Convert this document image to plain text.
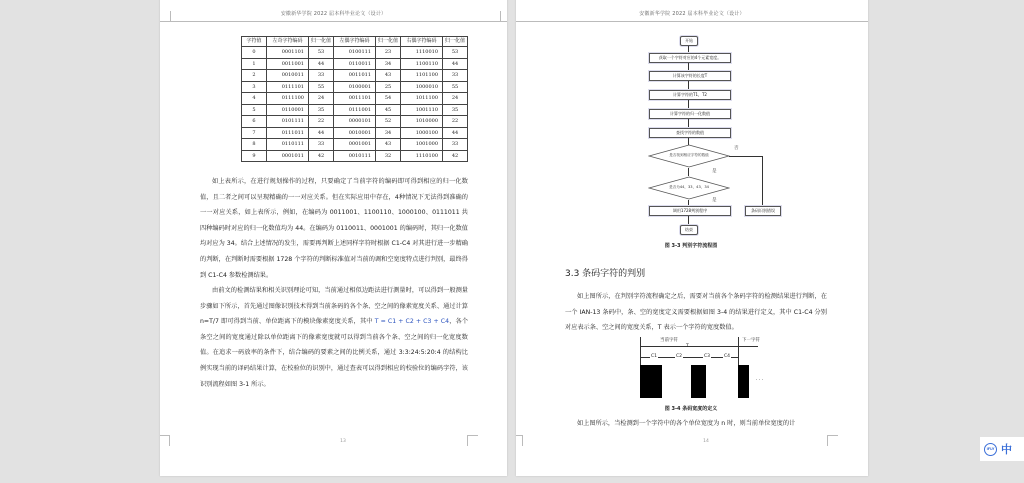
安徽新华学院 2022 届本科毕业论文（设计）
字符值	左奇字符编码	归一化值	左偶字符编码	归一化值	右偶字符编码	归一化值
0	0001101	53	0100111	23	1110010	53
1	0011001	44	0110011	34	1100110	44
2	0010011	33	0011011	43	1101100	33
3	0111101	55	0100001	25	1000010	55
4	0111100	24	0011101	54	1011100	24
5	0110001	35	0111001	45	1001110	35
6	0101111	22	0000101	52	1010000	22
7	0111011	44	0010001	34	1000100	44
8	0110111	33	0001001	43	1001000	33
9	0001011	42	0010111	32	1110100	42
如上表所示，在进行规划操作的过程，只要确定了当前字符的编码即可得到相应的归一化数值，且二者之间可以呈现精确的一一对应关系。但在实际应用中存在，4种情况下无法得到准确的一一对应关系，如上表所示，例如，在编码为 0011001、1100110、1000100、0111011 共四种编码时对应的归一化数值均为 44。在编码为 0110011、0001001 的编码时，其归一化数值均对应为 34。结合上述情况的发生，需要再判断上述同样字符时根据 C1-C4 对其进行进一步精确的判断，在判断时需要根据 1728 个字符的判断标准值对当前的调和空宽度特点进行判别，最终得到 C1-C4 参数检测结果。
由前文的检测结果和相关识别理论可知，当前通过相似边距法进行测量时，可以得到一般测量步骤如下所示，首先通过图像识别技术得到当前条码的各个条、空之间的像素宽度关系、通过计算 n=T/7 即可得到当前、单位距离下的模块像素宽度关系，其中 T = C1 + C2 + C3 + C4，各个条空之间的宽度通过除以单位距离下的像素宽度就可以得到当前各个条、空之间的归一化宽度数值。在追求一码放率的条件下，结合编码的要素之间的比例关系，通过 3:3:24:5:20:4 的结构比例实现当前的译码结果计算，在校验位的识别中，通过查表可以得到相应的校验位的编码字符，该识别流程如图 3-1 所示。
13
安徽新华学院 2022 届本科毕业论文（设计）
开始
获取一个字符对应的4个元素宽度。
计算该字符的长度T
计算字符的T1，T2
计算字符的归一化数值
查找字符的数值
是否找到相应字符的数值
否
是
是否为44，33，43，34
是
调用1728判别程序	条码识别错误
结束
图 3-3 判别字符流程图
3.3 条码字符的判别
如上图所示，在判别字符流程确定之后，需要对当前各个条码字符的检测结果进行判断，在一个 IAN-13 条码中，条、空的宽度定义需要根据如图 3-4 的结果进行定义，其中 C1-C4 分别对应表示条、空之间的宽度关系，T 表示一个字符的宽度数值。
当前字符	下一字符
T
C1	C2	C3	C4
· · ·
图 3-4 条码宽度的定义
如上图所示，当检测到一个字符中的各个单位宽度为 n 时，则当前单位宽度的计
14
iFLY 中
